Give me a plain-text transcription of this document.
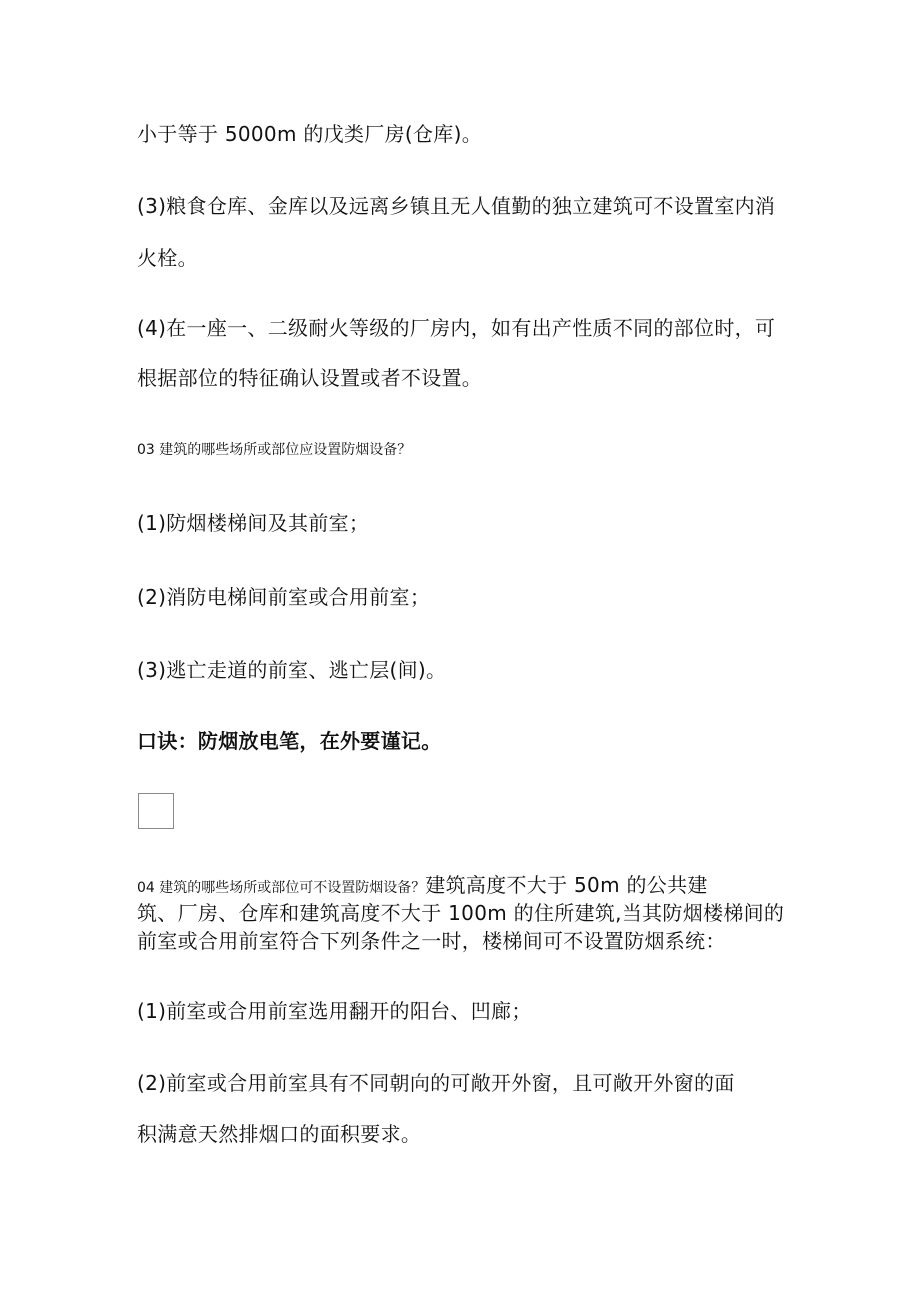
小于等于 5000m 的戊类厂房(仓库)。
(3)粮食仓库、金库以及远离乡镇且无人值勤的独立建筑可不设置室内消
火栓。
(4)在一座一、二级耐火等级的厂房内，如有出产性质不同的部位时，可
根据部位的特征确认设置或者不设置。
03 建筑的哪些场所或部位应设置防烟设备？
(1)防烟楼梯间及其前室；
(2)消防电梯间前室或合用前室；
(3)逃亡走道的前室、逃亡层(间)。
口诀：防烟放电笔，在外要谨记。
04 建筑的哪些场所或部位可不设置防烟设备？建筑高度不大于 50m 的公共建
筑、厂房、仓库和建筑高度不大于 100m 的住所建筑,当其防烟楼梯间的
前室或合用前室符合下列条件之一时，楼梯间可不设置防烟系统：
(1)前室或合用前室选用翻开的阳台、凹廊；
(2)前室或合用前室具有不同朝向的可敞开外窗，且可敞开外窗的面
积满意天然排烟口的面积要求。
